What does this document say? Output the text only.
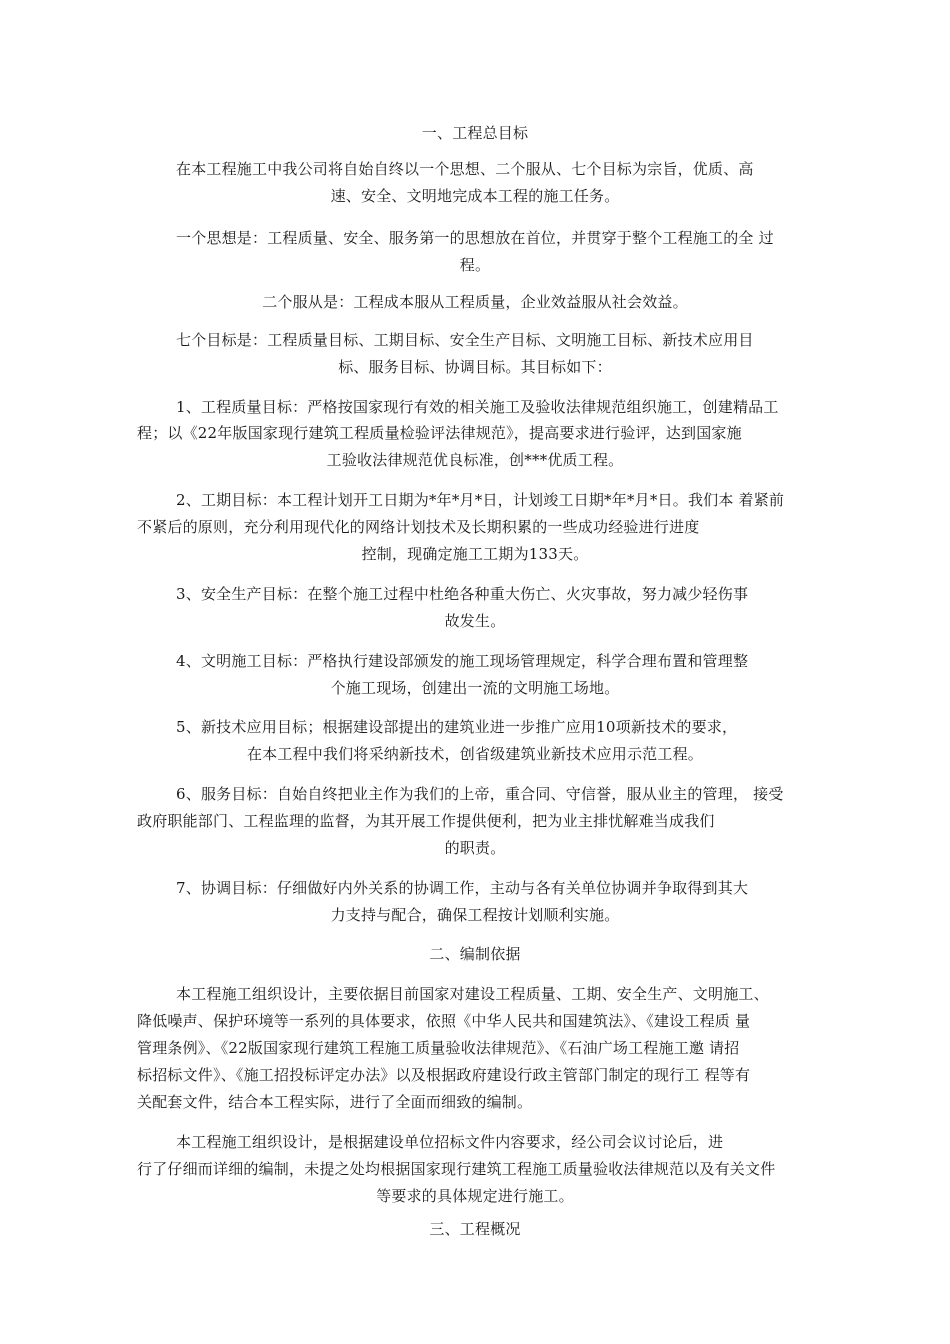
一、工程总目标

在本工程施工中我公司将自始自终以一个思想、二个服从、七个目标为宗旨，优质、高

速、安全、文明地完成本工程的施工任务。

一个思想是：工程质量、安全、服务第一的思想放在首位，并贯穿于整个工程施工的全 过

程。

二个服从是：工程成本服从工程质量，企业效益服从社会效益。

七个目标是：工程质量目标、工期目标、安全生产目标、文明施工目标、新技术应用目

标、服务目标、协调目标。其目标如下：

1、工程质量目标：严格按国家现行有效的相关施工及验收法律规范组织施工，创建精品工

程；以《22年版国家现行建筑工程质量检验评法律规范》，提高要求进行验评，达到国家施

工验收法律规范优良标准，创***优质工程。

2、工期目标：本工程计划开工日期为*年*月*日，计划竣工日期*年*月*日。我们本 着紧前

不紧后的原则，充分利用现代化的网络计划技术及长期积累的一些成功经验进行进度

控制，现确定施工工期为133天。

3、安全生产目标：在整个施工过程中杜绝各种重大伤亡、火灾事故，努力减少轻伤事

故发生。

4、文明施工目标：严格执行建设部颁发的施工现场管理规定，科学合理布置和管理整

个施工现场，创建出一流的文明施工场地。

5、新技术应用目标；根据建设部提出的建筑业进一步推广应用10项新技术的要求，

在本工程中我们将采纳新技术，创省级建筑业新技术应用示范工程。

6、服务目标：自始自终把业主作为我们的上帝，重合同、守信誉，服从业主的管理， 接受

政府职能部门、工程监理的监督，为其开展工作提供便利，把为业主排忧解难当成我们

的职责。

7、协调目标：仔细做好内外关系的协调工作，主动与各有关单位协调并争取得到其大

力支持与配合，确保工程按计划顺利实施。

二、编制依据

本工程施工组织设计，主要依据目前国家对建设工程质量、工期、安全生产、文明施工、

降低噪声、保护环境等一系列的具体要求，依照《中华人民共和国建筑法》、《建设工程质 量

管理条例》、《22版国家现行建筑工程施工质量验收法律规范》、《石油广场工程施工邀 请招

标招标文件》、《施工招投标评定办法》以及根据政府建设行政主管部门制定的现行工 程等有

关配套文件，结合本工程实际，进行了全面而细致的编制。

本工程施工组织设计，是根据建设单位招标文件内容要求，经公司会议讨论后，进

行了仔细而详细的编制，未提之处均根据国家现行建筑工程施工质量验收法律规范以及有关文件

等要求的具体规定进行施工。

三、工程概况
